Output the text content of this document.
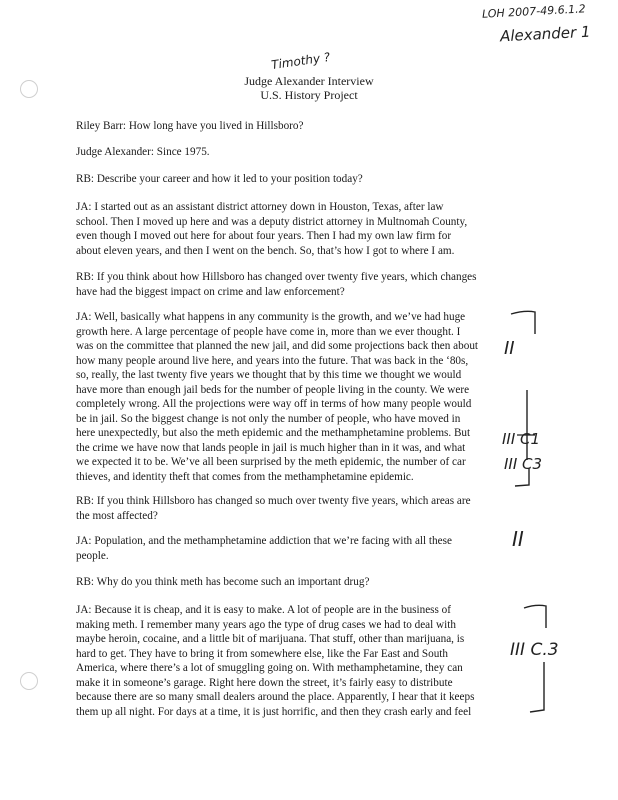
LOH 2007-49.6.1.2
Alexander 1
Timothy ?
Judge Alexander Interview
U.S. History Project

Riley Barr: How long have you lived in Hillsboro?

Judge Alexander: Since 1975.

RB: Describe your career and how it led to your position today?

JA: I started out as an assistant district attorney down in Houston, Texas, after law
school. Then I moved up here and was a deputy district attorney in Multnomah County,
even though I moved out here for about four years. Then I had my own law firm for
about eleven years, and then I went on the bench. So, that’s how I got to where I am.

RB: If you think about how Hillsboro has changed over twenty five years, which changes
have had the biggest impact on crime and law enforcement?

JA: Well, basically what happens in any community is the growth, and we’ve had huge
growth here. A large percentage of people have come in, more than we ever thought. I
was on the committee that planned the new jail, and did some projections back then about
how many people around live here, and years into the future. That was back in the ‘80s,
so, really, the last twenty five years we thought that by this time we thought we would
have more than enough jail beds for the number of people living in the county. We were
completely wrong. All the projections were way off in terms of how many people would
be in jail. So the biggest change is not only the number of people, who have moved in
here unexpectedly, but also the meth epidemic and the methamphetamine problems. But
the crime we have now that lands people in jail is much higher than in it was, and what
we expected it to be. We’ve all been surprised by the meth epidemic, the number of car
thieves, and identity theft that comes from the methamphetamine epidemic.

RB: If you think Hillsboro has changed so much over twenty five years, which areas are
the most affected?

JA: Population, and the methamphetamine addiction that we’re facing with all these
people.

RB: Why do you think meth has become such an important drug?

JA: Because it is cheap, and it is easy to make. A lot of people are in the business of
making meth. I remember many years ago the type of drug cases we had to deal with
maybe heroin, cocaine, and a little bit of marijuana. That stuff, other than marijuana, is
hard to get. They have to bring it from somewhere else, like the Far East and South
America, where there’s a lot of smuggling going on. With methamphetamine, they can
make it in someone’s garage. Right here down the street, it’s fairly easy to distribute
because there are so many small dealers around the place. Apparently, I hear that it keeps
them up all night. For days at a time, it is just horrific, and then they crash early and feel

II
III C1
III C3
II
III C.3
